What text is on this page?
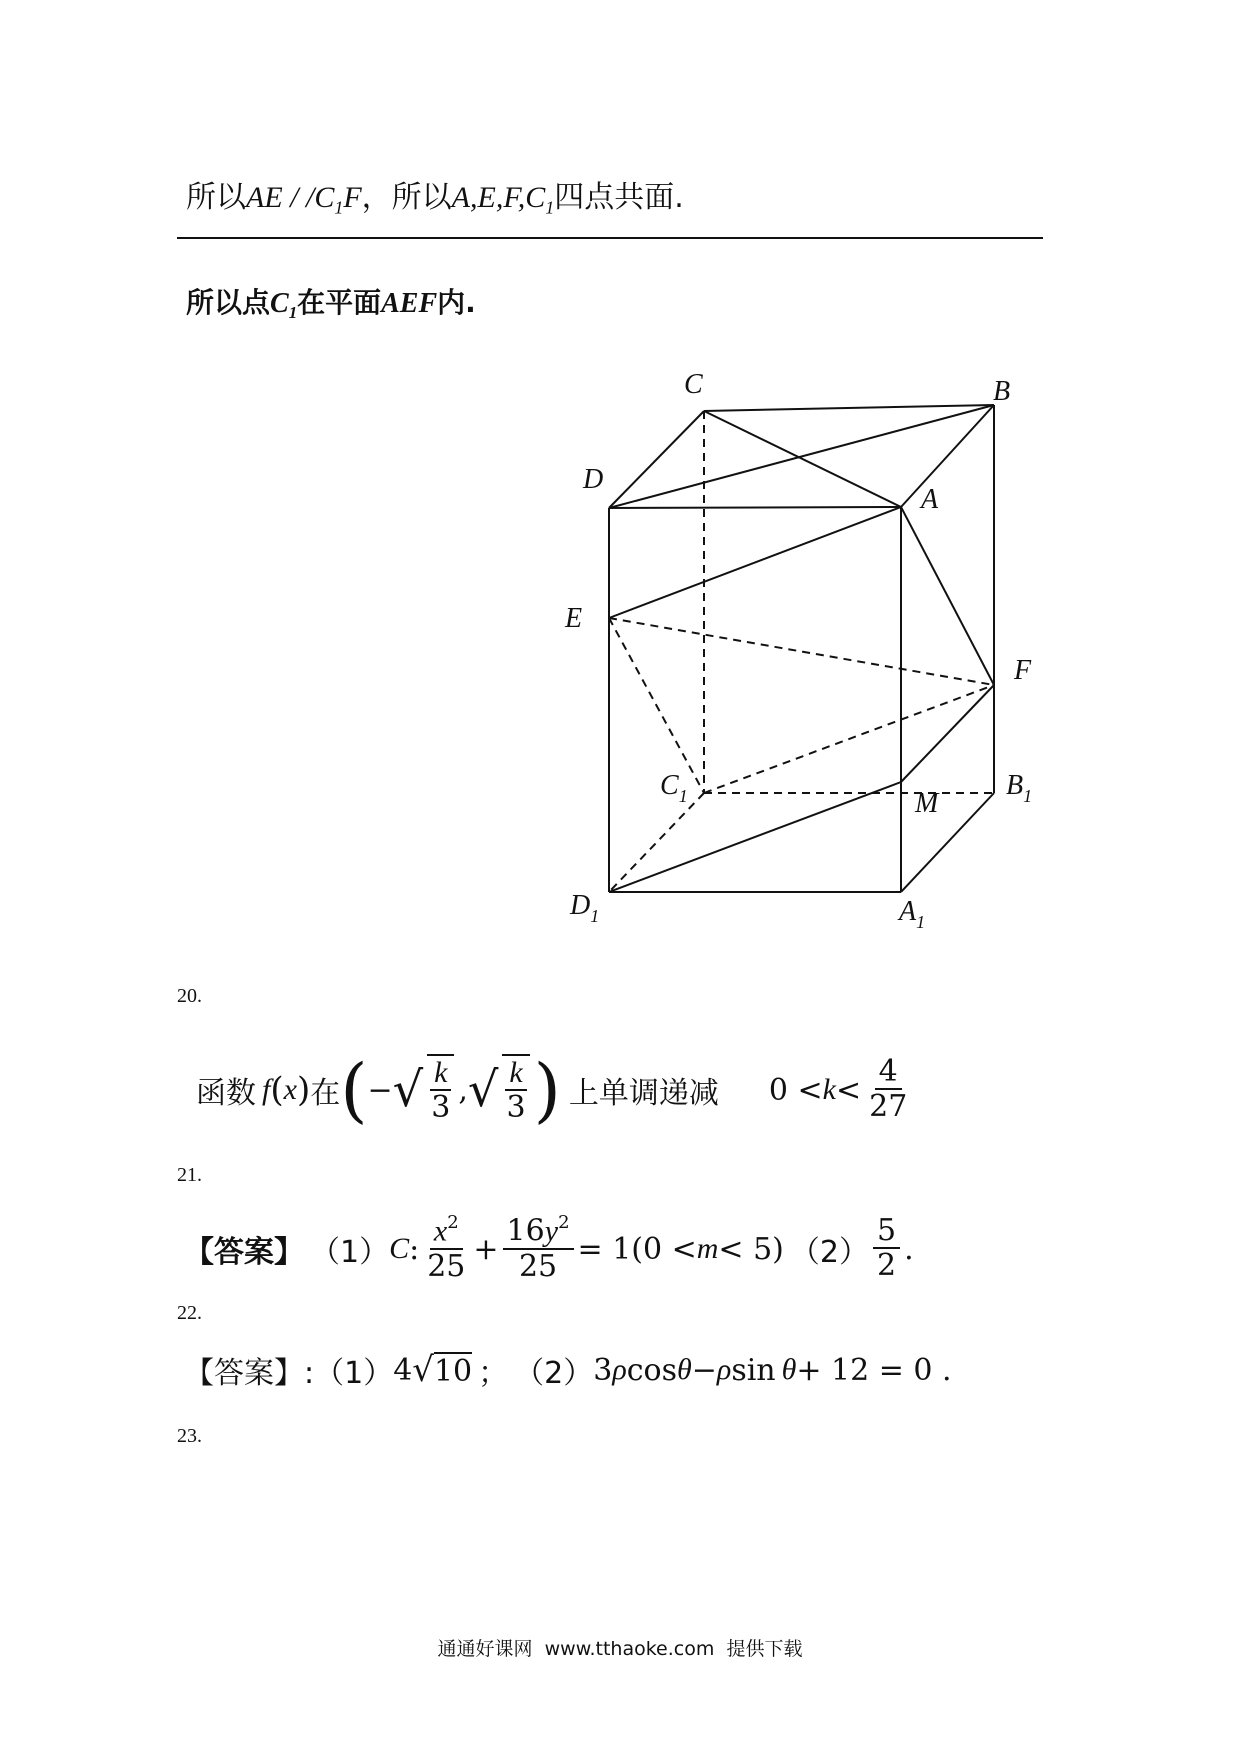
所以AE / $/C_1F$，所以$A,E,F,C_1$四点共面.
所以点$C_1$在平面AEF内.
C	B
D
A
E
F
$C_1$	M
$B_1$
$D_1$	$A_1$
20.
函数 f ( x ) 在 ( − √ $\frac{k}{3}$ , √ $\frac{k}{3}$ ) 上单调递减 $0 < k < \frac{4}{27}$
21.
【答案】 （1） C : $\frac{x^2}{25} + \frac{16y^2}{25} = 1$ (0 < m < 5) $(2) \frac{5}{2}$ .
22.
【答案】: （1） 4 √ 10 ； （2） 3 ρ cos θ − ρ sin θ + 12 = 0 .
23.
通通好课网  www.tthaoke.com  提供下载
